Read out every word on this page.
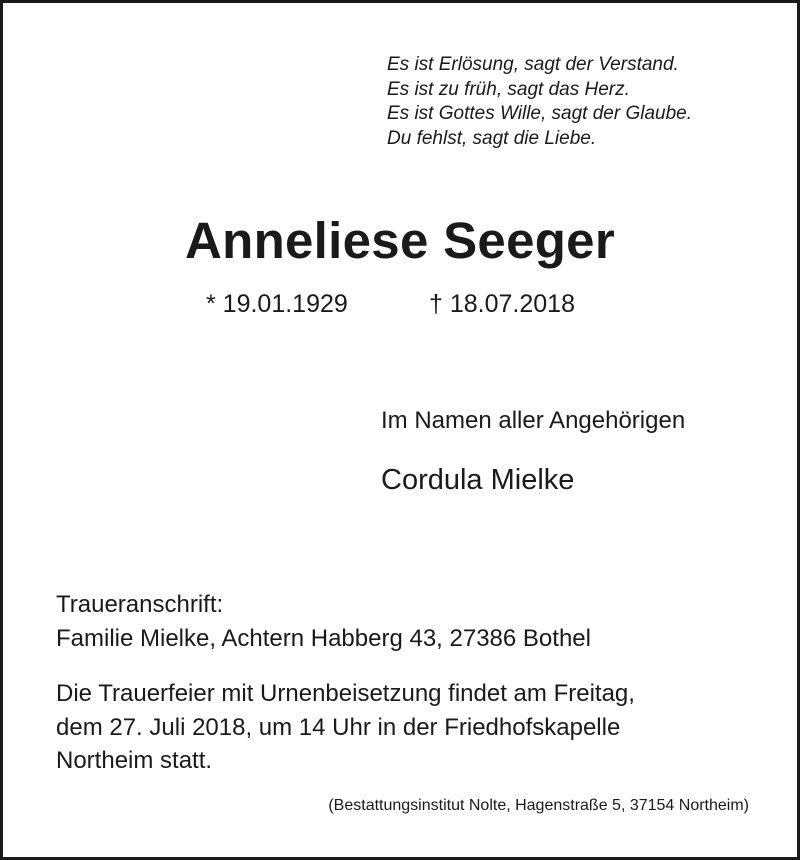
Es ist Erlösung, sagt der Verstand.
Es ist zu früh, sagt das Herz.
Es ist Gottes Wille, sagt der Glaube.
Du fehlst, sagt die Liebe.

Anneliese Seeger
* 19.01.1929	† 18.07.2018
Im Namen aller Angehörigen
Cordula Mielke
Traueranschrift:
Familie Mielke, Achtern Habberg 43, 27386 Bothel
Die Trauerfeier mit Urnenbeisetzung findet am Freitag,
dem 27. Juli 2018, um 14 Uhr in der Friedhofskapelle
Northeim statt.
(Bestattungsinstitut Nolte, Hagenstraße 5, 37154 Northeim)
